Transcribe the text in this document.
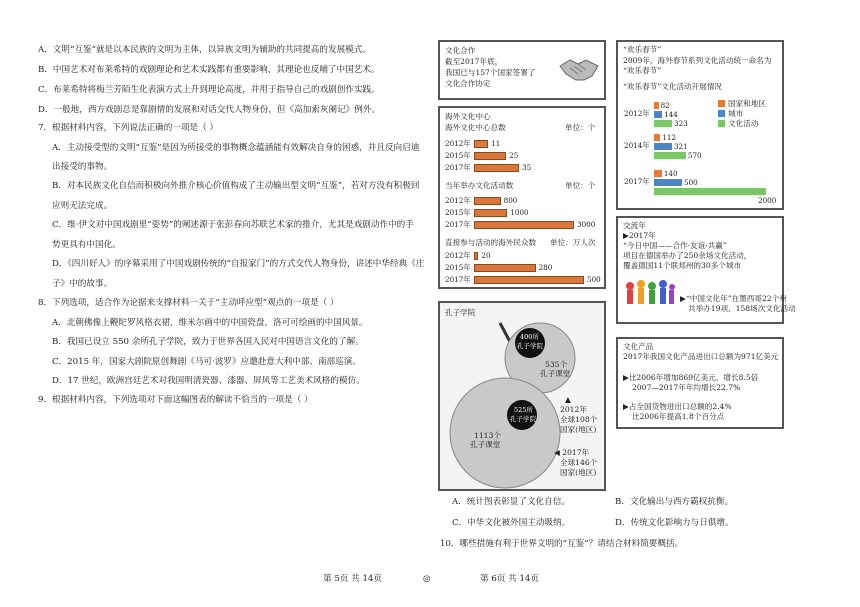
A．文明“互鉴”就是以本民族的文明为主体，以异族文明为辅助的共同提高的发展模式。
B．中国艺术对布莱希特的戏剧理论和艺术实践都有重要影响，其理论也反哺了中国艺术。
C．布莱希特将梅兰芳陌生化表演方式上升到理论高度，并用于指导自己的戏剧创作实践。
D．一般地，西方戏剧总是靠剧情的发展和对话交代人物身份，但《高加索灰阑记》例外。
7．根据材料内容，下列说法正确的一项是（ ）
A．主动接受型的文明“互鉴”是因为所接受的事物概念蕴涵能有效解决自身的困惑，并且反向启迪
出接受的事物。
B．对本民族文化自信而积极向外推介核心价值构成了主动输出型文明“互鉴”，若对方没有积极回
应则无法完成。
C．维·伊文对中国戏剧里“姿势”的阐述源于张彭春向苏联艺术家的推介，尤其是戏剧动作中的手
势更具有中国化。
D．《四川好人》的序幕采用了中国戏剧传统的“自报家门”的方式交代人物身份，讲述中华经典《庄
子》中的故事。
8．下列选项，适合作为论据来支撑材料一关于“主动呼应型”观点的一项是（ ）
A．北朝佛像上鞭陀罗风格衣裙，维米尔画中的中国瓷盘，洛可可绘画的中国风景。
B．我国已设立 550 余所孔子学院，致力于世界各国人民对中国语言文化的了解。
C．2015 年，国家大剧院原创舞剧《马可·波罗》应邀赴意大利中部、南部巡演。
D．17 世纪，欧洲宫廷艺术对我国明清瓷器、漆器、屏风等工艺美术风格的模仿。
9．根据材料内容，下列选项对下面这幅图表的解读不恰当的一项是（ ）
文化合作
截至2017年底，
我国已与157个国家签署了
文化合作协定
海外文化中心
海外文化中心总数	单位：个
当年举办文化活动数	单位：个
直接参与活动的海外民众数 单位：万人次
2012年	11
2015年	25
2017年	35
2012年	800
2015年	1000
2017年	3000
2012年 20
2015年	280
2017年	500
孔子学院
400所
孔子学院
535个
孔子课堂
525所
孔子学院
1113个
孔子课堂
▲
2012年
全球108个
国家(地区)
◀ 2017年
全球146个
国家(地区)
“欢乐春节”
2009年，海外春节系列文化活动统一命名为
“欢乐春节”
“欢乐春节”文化活动开展情况
国家和地区
城市
文化活动
2012年
82
144
323
2014年
112
321
570
2017年
140
500
2000
交流年
▶2017年
“今日中国——合作·友谊·共赢”
项目在德国举办了250余场文化活动，
覆盖德国11个联邦州的30多个城市
▶“中国文化年”在墨西哥22个州
共举办19项、158场次文化活动
文化产品
2017年我国文化产品进出口总额为971亿美元
▶比2006年增加869亿美元，增长8.5倍
2007—2017年年均增长22.7%
▶占全国货物进出口总额的2.4%
比2006年提高1.8个百分点
A．统计图表彰显了文化自信。	B．文化输出与西方霸权抗衡。
C．中华文化被外国主动吸纳。	D．传统文化影响力与日俱增。
10．哪些措施有利于世界文明的“互鉴”？请结合材料简要概括。
第 5页 共 14页	◎	第 6页 共 14页
